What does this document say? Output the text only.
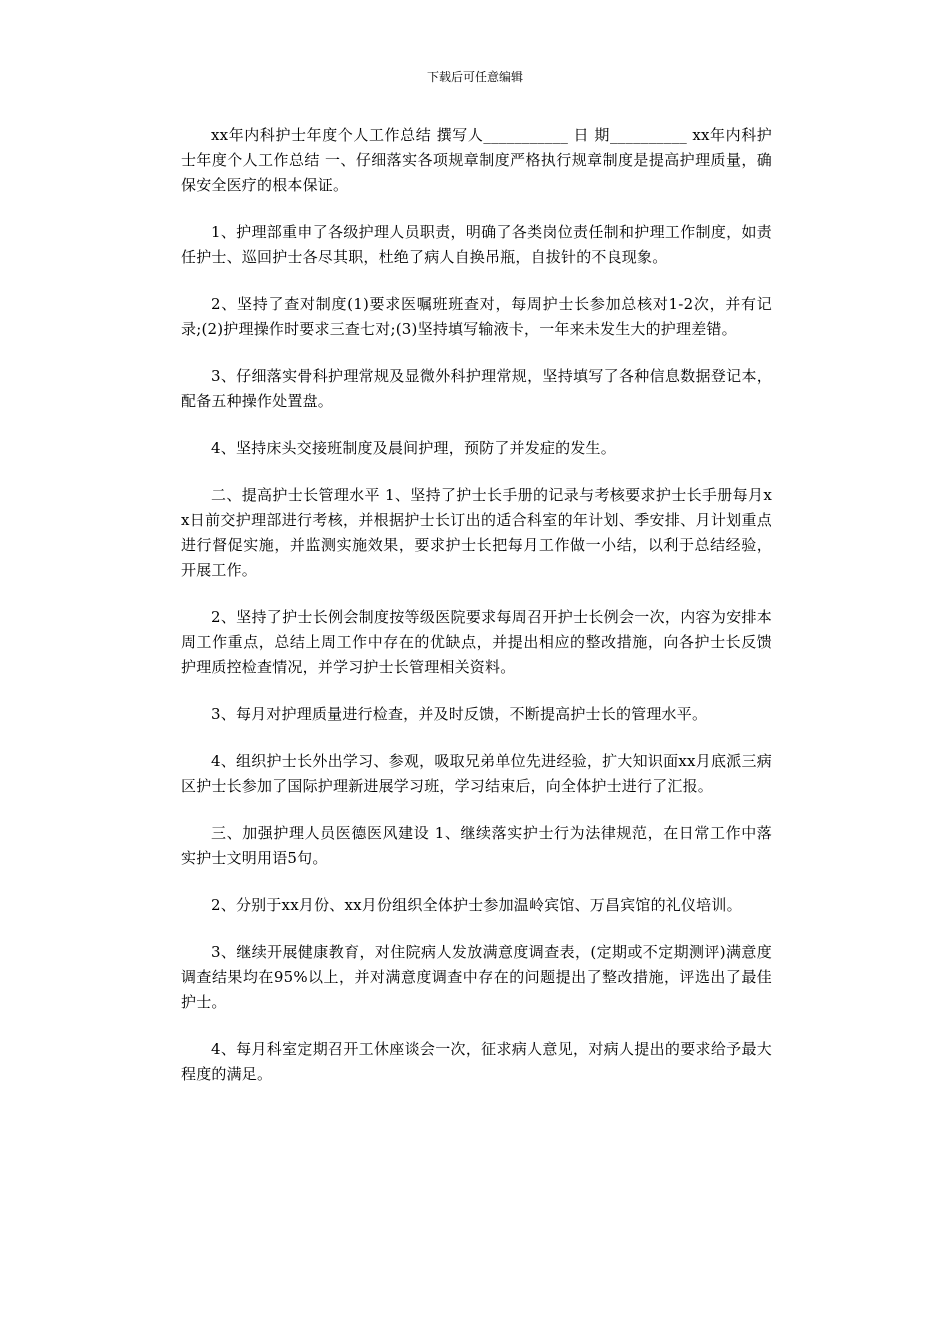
下载后可任意编辑

xx年内科护士年度个人工作总结 撰写人___________ 日 期__________ xx年内科护士年度个人工作总结 一、仔细落实各项规章制度严格执行规章制度是提高护理质量，确保安全医疗的根本保证。

1、护理部重申了各级护理人员职责，明确了各类岗位责任制和护理工作制度，如责任护士、巡回护士各尽其职，杜绝了病人自换吊瓶，自拔针的不良现象。

2、坚持了查对制度(1)要求医嘱班班查对，每周护士长参加总核对1-2次，并有记录;(2)护理操作时要求三查七对;(3)坚持填写输液卡，一年来未发生大的护理差错。

3、仔细落实骨科护理常规及显微外科护理常规，坚持填写了各种信息数据登记本，配备五种操作处置盘。

4、坚持床头交接班制度及晨间护理，预防了并发症的发生。

二、提高护士长管理水平 1、坚持了护士长手册的记录与考核要求护士长手册每月xx日前交护理部进行考核，并根据护士长订出的适合科室的年计划、季安排、月计划重点进行督促实施，并监测实施效果，要求护士长把每月工作做一小结，以利于总结经验，开展工作。

2、坚持了护士长例会制度按等级医院要求每周召开护士长例会一次，内容为安排本周工作重点，总结上周工作中存在的优缺点，并提出相应的整改措施，向各护士长反馈护理质控检查情况，并学习护士长管理相关资料。

3、每月对护理质量进行检查，并及时反馈，不断提高护士长的管理水平。

4、组织护士长外出学习、参观，吸取兄弟单位先进经验，扩大知识面xx月底派三病区护士长参加了国际护理新进展学习班，学习结束后，向全体护士进行了汇报。

三、加强护理人员医德医风建设 1、继续落实护士行为法律规范，在日常工作中落实护士文明用语5句。

2、分别于xx月份、xx月份组织全体护士参加温岭宾馆、万昌宾馆的礼仪培训。

3、继续开展健康教育，对住院病人发放满意度调查表，(定期或不定期测评)满意度调查结果均在95%以上，并对满意度调查中存在的问题提出了整改措施，评选出了最佳护士。

4、每月科室定期召开工休座谈会一次，征求病人意见，对病人提出的要求给予最大程度的满足。
